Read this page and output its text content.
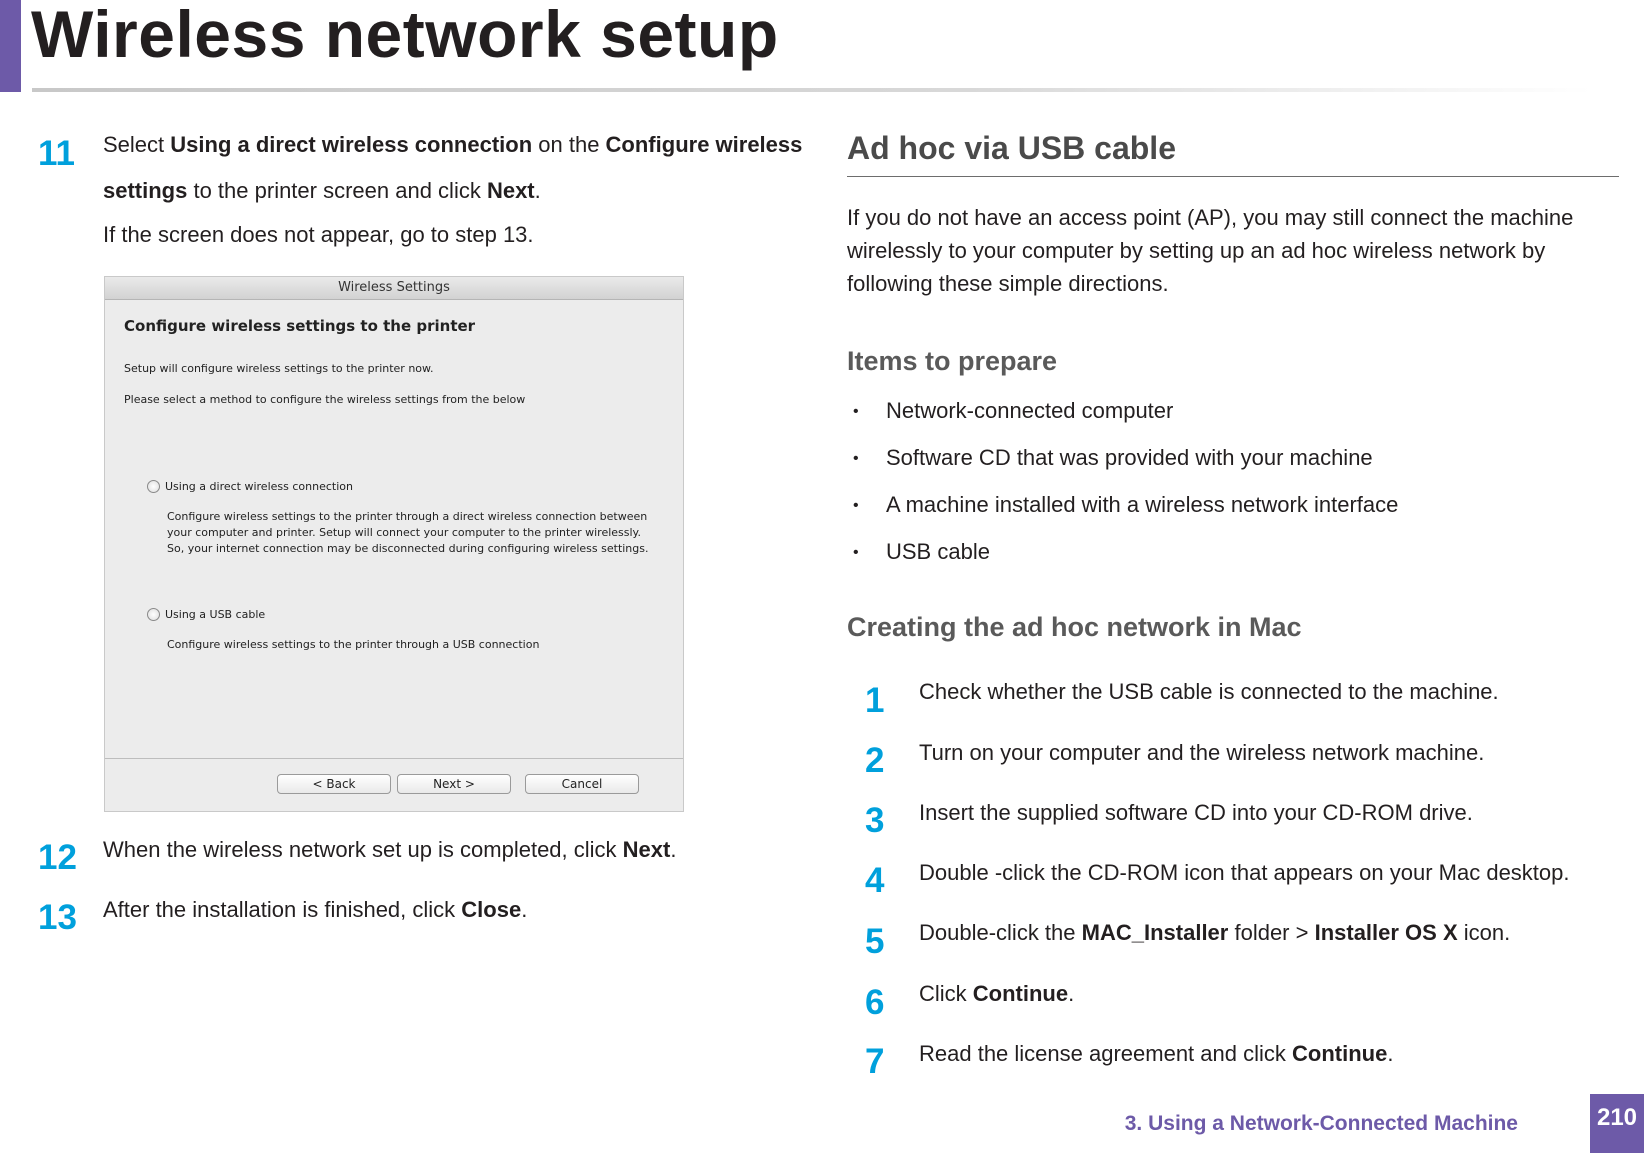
Wireless network setup
11 Select Using a direct wireless connection on the Configure wireless
settings to the printer screen and click Next.
If the screen does not appear, go to step 13.
Wireless Settings
Configure wireless settings to the printer
Setup will configure wireless settings to the printer now.
Please select a method to configure the wireless settings from the below
Using a direct wireless connection
Configure wireless settings to the printer through a direct wireless connection between your computer and printer. Setup will connect your computer to the printer wirelessly. So, your internet connection may be disconnected during configuring wireless settings.
Using a USB cable
Configure wireless settings to the printer through a USB connection
< Back	Next >	Cancel
12 When the wireless network set up is completed, click Next.
13 After the installation is finished, click Close.
Ad hoc via USB cable
If you do not have an access point (AP), you may still connect the machine wirelessly to your computer by setting up an ad hoc wireless network by following these simple directions.
Items to prepare
• Network-connected computer
• Software CD that was provided with your machine
• A machine installed with a wireless network interface
• USB cable
Creating the ad hoc network in Mac
1 Check whether the USB cable is connected to the machine.
2 Turn on your computer and the wireless network machine.
3 Insert the supplied software CD into your CD-ROM drive.
4 Double -click the CD-ROM icon that appears on your Mac desktop.
5 Double-click the MAC_Installer folder > Installer OS X icon.
6 Click Continue.
7 Read the license agreement and click Continue.
3. Using a Network-Connected Machine	210
